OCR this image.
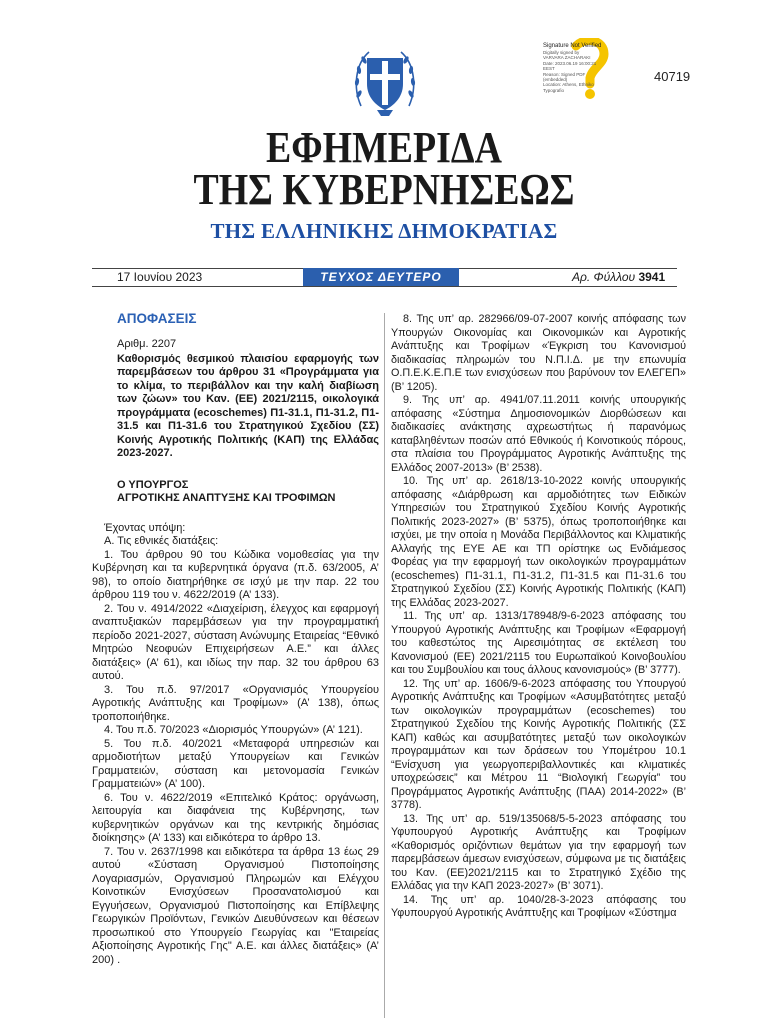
Signature Not Verified
Digitally signed by
VARVARA ZACHARAKI
Date: 2023.06.19 16:00:21
EEST
Reason: Signed PDF
(embedded)
Location: Athens, Ethniko
Typografio
40719
ΕΦΗΜΕΡΙΔΑ
ΤΗΣ ΚΥΒΕΡΝΗΣΕΩΣ
ΤΗΣ ΕΛΛΗΝΙΚΗΣ ΔΗΜΟΚΡΑΤΙΑΣ
17 Ιουνίου 2023	ΤΕΥΧΟΣ ΔΕΥΤΕΡΟ	Αρ. Φύλλου 3941
ΑΠΟΦΑΣΕΙΣ
Αριθμ. 2207
Καθορισμός θεσμικού πλαισίου εφαρμογής των παρεμβάσεων του άρθρου 31 «Προγράμματα για το κλίμα, το περιβάλλον και την καλή διαβίωση των ζώων» του Καν. (ΕΕ) 2021/2115, οικολογικά προγράμματα (ecoschemes) Π1-31.1, Π1-31.2, Π1-31.5 και Π1-31.6 του Στρατηγικού Σχεδίου (ΣΣ) Κοινής Αγροτικής Πολιτικής (ΚΑΠ) της Ελλάδας 2023-2027.
Ο ΥΠΟΥΡΓΟΣ
ΑΓΡΟΤΙΚΗΣ ΑΝΑΠΤΥΞΗΣ ΚΑΙ ΤΡΟΦΙΜΩΝ
Έχοντας υπόψη:
Α. Τις εθνικές διατάξεις:

1. Του άρθρου 90 του Κώδικα νομοθεσίας για την Κυβέρνηση και τα κυβερνητικά όργανα (π.δ. 63/2005, Α’ 98), το οποίο διατηρήθηκε σε ισχύ με την παρ. 22 του άρθρου 119 του ν. 4622/2019 (Α’ 133).

2. Του ν. 4914/2022 «Διαχείριση, έλεγχος και εφαρμογή αναπτυξιακών παρεμβάσεων για την προγραμματική περίοδο 2021-2027, σύσταση Ανώνυμης Εταιρείας “Εθνικό Μητρώο Νεοφυών Επιχειρήσεων Α.Ε.” και άλλες διατάξεις» (Α’ 61), και ιδίως την παρ. 32 του άρθρου 63 αυτού.

3. Του π.δ. 97/2017 «Οργανισμός Υπουργείου Αγροτικής Ανάπτυξης και Τροφίμων» (Α’ 138), όπως τροποποιήθηκε.

4. Του π.δ. 70/2023 «Διορισμός Υπουργών» (Α’ 121).

5. Του π.δ. 40/2021 «Μεταφορά υπηρεσιών και αρμοδιοτήτων μεταξύ Υπουργείων και Γενικών Γραμματειών, σύσταση και μετονομασία Γενικών Γραμματειών» (Α’ 100).

6. Του ν. 4622/2019 «Επιτελικό Κράτος: οργάνωση, λειτουργία και διαφάνεια της Κυβέρνησης, των κυβερνητικών οργάνων και της κεντρικής δημόσιας διοίκησης» (Α’ 133) και ειδικότερα το άρθρο 13.

7. Του ν. 2637/1998 και ειδικότερα τα άρθρα 13 έως 29 αυτού «Σύσταση Οργανισμού Πιστοποίησης Λογαριασμών, Οργανισμού Πληρωμών και Ελέγχου Κοινοτικών Ενισχύσεων Προσανατολισμού και Εγγυήσεων, Οργανισμού Πιστοποίησης και Επίβλεψης Γεωργικών Προϊόντων, Γενικών Διευθύνσεων και θέσεων προσωπικού στο Υπουργείο Γεωργίας και "Εταιρείας Αξιοποίησης Αγροτικής Γης" Α.Ε. και άλλες διατάξεις» (Α’ 200) .

8. Της υπ’ αρ. 282966/09-07-2007 κοινής απόφασης των Υπουργών Οικονομίας και Οικονομικών και Αγροτικής Ανάπτυξης και Τροφίμων «Έγκριση του Κανονισμού διαδικασίας πληρωμών του Ν.Π.Ι.Δ. με την επωνυμία Ο.Π.Ε.Κ.Ε.Π.Ε των ενισχύσεων που βαρύνουν τον ΕΛΕΓΕΠ» (Β’ 1205).

9. Της υπ’ αρ. 4941/07.11.2011 κοινής υπουργικής απόφασης «Σύστημα Δημοσιονομικών Διορθώσεων και διαδικασίες ανάκτησης αχρεωστήτως ή παρανόμως καταβληθέντων ποσών από Εθνικούς ή Κοινοτικούς πόρους, στα πλαίσια του Προγράμματος Αγροτικής Ανάπτυξης της Ελλάδος 2007-2013» (Β’ 2538).

10. Της υπ’ αρ. 2618/13-10-2022 κοινής υπουργικής απόφασης «Διάρθρωση και αρμοδιότητες των Ειδικών Υπηρεσιών του Στρατηγικού Σχεδίου Κοινής Αγροτικής Πολιτικής 2023-2027» (Β’ 5375), όπως τροποποιήθηκε και ισχύει, με την οποία η Μονάδα Περιβάλλοντος και Κλιματικής Αλλαγής της ΕΥΕ ΑΕ και ΤΠ ορίστηκε ως Ενδιάμεσος Φορέας για την εφαρμογή των οικολογικών προγραμμάτων (ecoschemes) Π1-31.1, Π1-31.2, Π1-31.5 και Π1-31.6 του Στρατηγικού Σχεδίου (ΣΣ) Κοινής Αγροτικής Πολιτικής (ΚΑΠ) της Ελλάδας 2023-2027.

11. Της υπ’ αρ. 1313/178948/9-6-2023 απόφασης του Υπουργού Αγροτικής Ανάπτυξης και Τροφίμων «Εφαρμογή του καθεστώτος της Αιρεσιμότητας σε εκτέλεση του Κανονισμού (ΕΕ) 2021/2115 του Ευρωπαϊκού Κοινοβουλίου και του Συμβουλίου και τους άλλους κανονισμούς» (Β’ 3777).

12. Της υπ’ αρ. 1606/9-6-2023 απόφασης του Υπουργού Αγροτικής Ανάπτυξης και Τροφίμων «Ασυμβατότητες μεταξύ των οικολογικών προγραμμάτων (ecoschemes) του Στρατηγικού Σχεδίου της Κοινής Αγροτικής Πολιτικής (ΣΣ ΚΑΠ) καθώς και ασυμβατότητες μεταξύ των οικολογικών προγραμμάτων και των δράσεων του Υπομέτρου 10.1 “Ενίσχυση για γεωργοπεριβαλλοντικές και κλιματικές υποχρεώσεις” και Μέτρου 11 “Βιολογική Γεωργία” του Προγράμματος Αγροτικής Ανάπτυξης (ΠΑΑ) 2014-2022» (Β’ 3778).

13. Της υπ’ αρ. 519/135068/5-5-2023 απόφασης του Υφυπουργού Αγροτικής Ανάπτυξης και Τροφίμων «Καθορισμός οριζόντιων θεμάτων για την εφαρμογή των παρεμβάσεων άμεσων ενισχύσεων, σύμφωνα με τις διατάξεις του Καν. (ΕΕ)2021/2115 και το Στρατηγικό Σχέδιο της Ελλάδας για την ΚΑΠ 2023-2027» (Β’ 3071).

14. Της υπ’ αρ. 1040/28-3-2023 απόφασης του Υφυπουργού Αγροτικής Ανάπτυξης και Τροφίμων «Σύστημα
